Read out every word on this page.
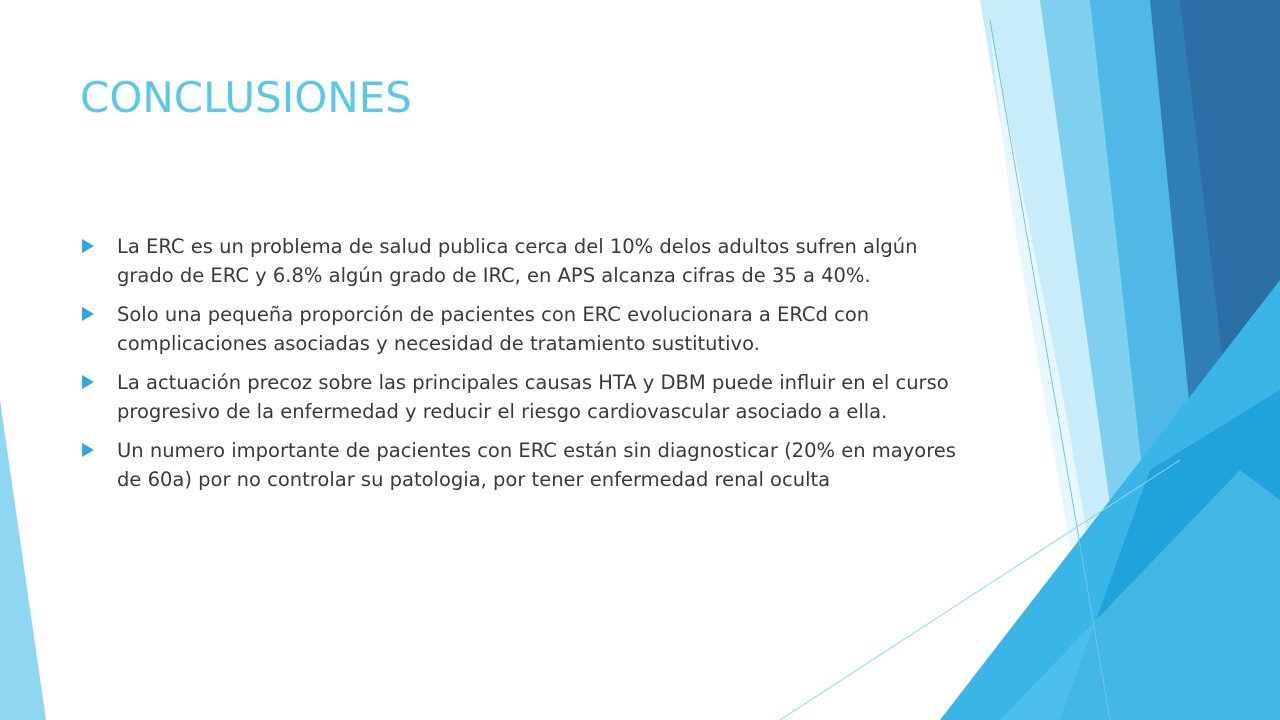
CONCLUSIONES
La ERC es un problema de salud publica cerca del 10% delos adultos sufren algún grado de ERC y 6.8% algún grado de IRC, en APS alcanza cifras de 35 a 40%.
Solo una pequeña proporción de pacientes con ERC evolucionara a ERCd con complicaciones asociadas y necesidad de tratamiento sustitutivo.
La actuación precoz sobre las principales causas HTA y DBM puede influir en el curso progresivo de la enfermedad y reducir el riesgo cardiovascular asociado a ella.
Un numero importante de pacientes con ERC están sin diagnosticar (20% en mayores de 60a) por no controlar su patologia, por tener enfermedad renal oculta
